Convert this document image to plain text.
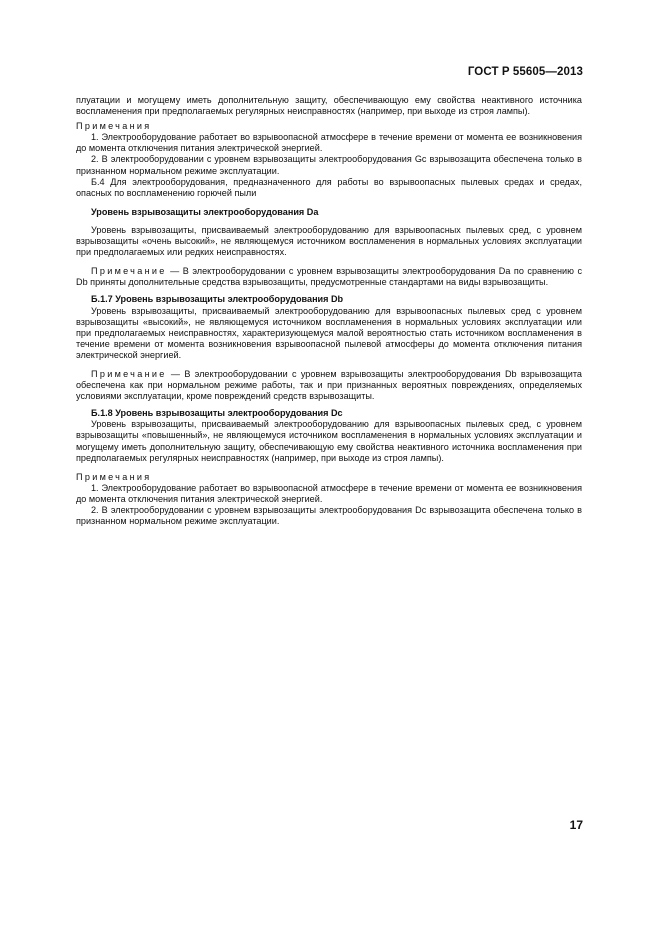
ГОСТ Р 55605—2013

плуатации и могущему иметь дополнительную защиту, обеспечивающую ему свойства неактивного источника воспламенения при предполагаемых регулярных неисправностях (например, при выходе из строя лампы).

Примечания

1. Электрооборудование работает во взрывоопасной атмосфере в течение времени от момента ее возникновения до момента отключения питания электрической энергией.

2. В электрооборудовании с уровнем взрывозащиты электрооборудования Gc взрывозащита обеспечена только в признанном нормальном режиме эксплуатации.

Б.4 Для электрооборудования, предназначенного для работы во взрывоопасных пылевых средах и средах, опасных по воспламенению горючей пыли

Уровень взрывозащиты электрооборудования Da

Уровень взрывозащиты, присваиваемый электрооборудованию для взрывоопасных пылевых сред, с уровнем взрывозащиты «очень высокий», не являющемуся источником воспламенения в нормальных условиях эксплуатации при предполагаемых или редких неисправностях.

Примечание — В электрооборудовании с уровнем взрывозащиты электрооборудования Da по сравнению с Db приняты дополнительные средства взрывозащиты, предусмотренные стандартами на виды взрывозащиты.

Б.1.7 Уровень взрывозащиты электрооборудования Db

Уровень взрывозащиты, присваиваемый электрооборудованию для взрывоопасных пылевых сред с уровнем взрывозащиты «высокий», не являющемуся источником воспламенения в нормальных условиях эксплуатации или при предполагаемых неисправностях, характеризующемуся малой вероятностью стать источником воспламенения в течение времени от момента возникновения взрывоопасной пылевой атмосферы до момента отключения питания электрической энергией.

Примечание — В электрооборудовании с уровнем взрывозащиты электрооборудования Db взрывозащита обеспечена как при нормальном режиме работы, так и при признанных вероятных повреждениях, определяемых условиями эксплуатации, кроме повреждений средств взрывозащиты.

Б.1.8 Уровень взрывозащиты электрооборудования Dc

Уровень взрывозащиты, присваиваемый электрооборудованию для взрывоопасных пылевых сред, с уровнем взрывозащиты «повышенный», не являющемуся источником воспламенения в нормальных условиях эксплуатации и могущему иметь дополнительную защиту, обеспечивающую ему свойства неактивного источника воспламенения при предполагаемых регулярных неисправностях (например, при выходе из строя лампы).

Примечания

1. Электрооборудование работает во взрывоопасной атмосфере в течение времени от момента ее возникновения до момента отключения питания электрической энергией.

2. В электрооборудовании с уровнем взрывозащиты электрооборудования Dc взрывозащита обеспечена только в признанном нормальном режиме эксплуатации.

17
